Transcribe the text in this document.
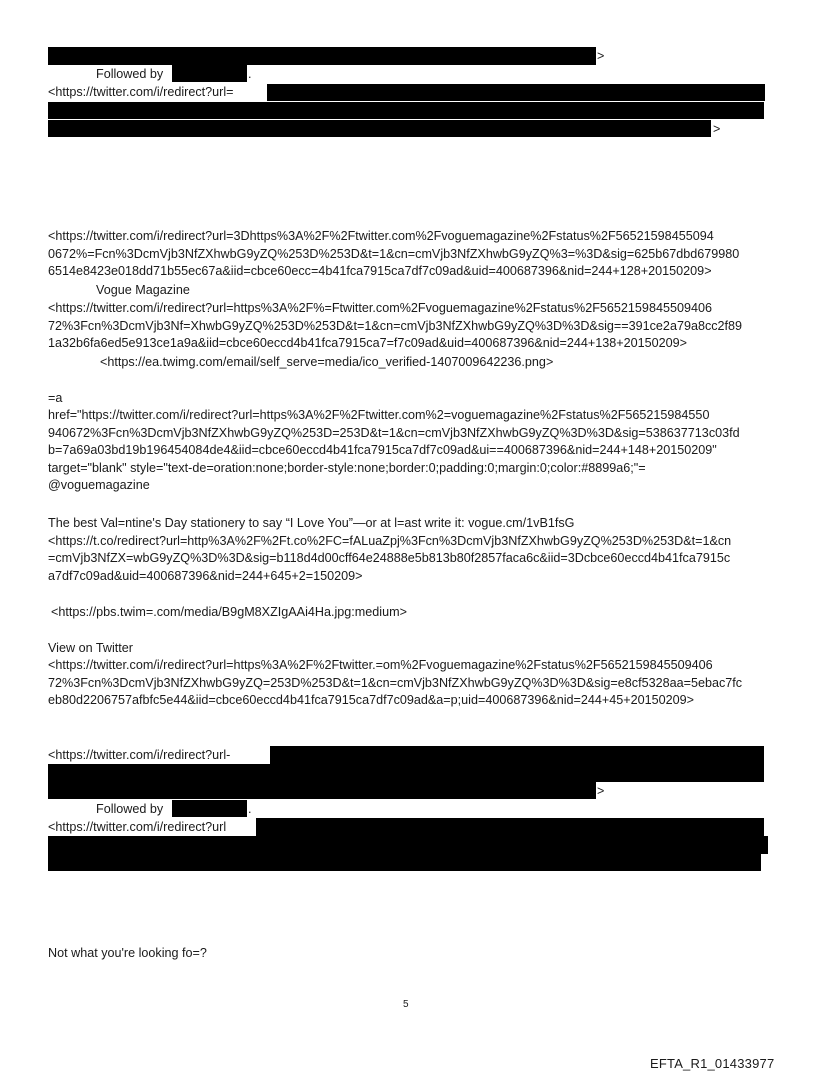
>
Followed by	.
<https://twitter.com/i/redirect?url=
>
<https://twitter.com/i/redirect?url=3Dhttps%3A%2F%2Ftwitter.com%2Fvoguemagazine%2Fstatus%2F56521598455094
0672%=Fcn%3DcmVjb3NfZXhwbG9yZQ%253D%253D&t=1&cn=cmVjb3NfZXhwbG9yZQ%3=%3D&sig=625b67dbd679980
6514e8423e018dd71b55ec67a&iid=cbce60ecc=4b41fca7915ca7df7c09ad&uid=400687396&nid=244+128+20150209>
Vogue Magazine
<https://twitter.com/i/redirect?url=https%3A%2F%=Ftwitter.com%2Fvoguemagazine%2Fstatus%2F5652159845509406
72%3Fcn%3DcmVjb3Nf=XhwbG9yZQ%253D%253D&t=1&cn=cmVjb3NfZXhwbG9yZQ%3D%3D&sig==391ce2a79a8cc2f89
1a32b6fa6ed5e913ce1a9a&iid=cbce60eccd4b41fca7915ca7=f7c09ad&uid=400687396&nid=244+138+20150209>
<https://ea.twimg.com/email/self_serve=media/ico_verified-1407009642236.png>
=a
href="https://twitter.com/i/redirect?url=https%3A%2F%2Ftwitter.com%2=voguemagazine%2Fstatus%2F565215984550
940672%3Fcn%3DcmVjb3NfZXhwbG9yZQ%253D=253D&t=1&cn=cmVjb3NfZXhwbG9yZQ%3D%3D&sig=538637713c03fd
b=7a69a03bd19b196454084de4&iid=cbce60eccd4b41fca7915ca7df7c09ad&ui==400687396&nid=244+148+20150209"
target="blank" style="text-de=oration:none;border-style:none;border:0;padding:0;margin:0;color:#8899a6;"=
@voguemagazine
The best Val=ntine's Day stationery to say “I Love You”—or at l=ast write it: vogue.cm/1vB1fsG
<https://t.co/redirect?url=http%3A%2F%2Ft.co%2FC=fALuaZpj%3Fcn%3DcmVjb3NfZXhwbG9yZQ%253D%253D&t=1&cn
=cmVjb3NfZX=wbG9yZQ%3D%3D&sig=b118d4d00cff64e24888e5b813b80f2857faca6c&iid=3Dcbce60eccd4b41fca7915c
a7df7c09ad&uid=400687396&nid=244+645+2=150209>
<https://pbs.twim=.com/media/B9gM8XZIgAAi4Ha.jpg:medium>
View on Twitter
<https://twitter.com/i/redirect?url=https%3A%2F%2Ftwitter.=om%2Fvoguemagazine%2Fstatus%2F5652159845509406
72%3Fcn%3DcmVjb3NfZXhwbG9yZQ=253D%253D&t=1&cn=cmVjb3NfZXhwbG9yZQ%3D%3D&sig=e8cf5328aa=5ebac7fc
eb80d2206757afbfc5e44&iid=cbce60eccd4b41fca7915ca7df7c09ad&a=p;uid=400687396&nid=244+45+20150209>
<https://twitter.com/i/redirect?url-
>
Followed by	.
<https://twitter.com/i/redirect?url
Not what you're looking fo=?
5
EFTA_R1_01433977
